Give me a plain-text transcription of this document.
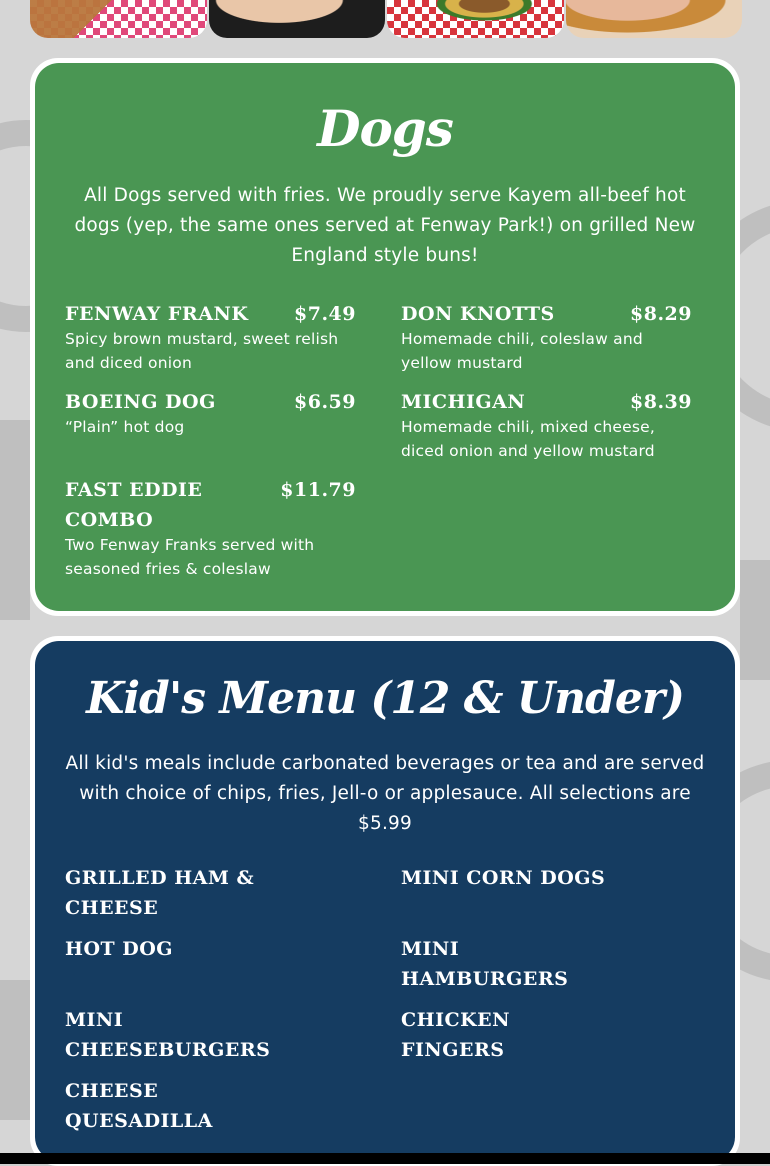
Dogs

All Dogs served with fries. We proudly serve Kayem all-beef hot dogs (yep, the same ones served at Fenway Park!) on grilled New England style buns!

FENWAY FRANK $7.49
Spicy brown mustard, sweet relish and diced onion
DON KNOTTS	$8.29
Homemade chili, coleslaw and yellow mustard
BOEING DOG	$6.59
“Plain” hot dog
MICHIGAN	$8.39
Homemade chili, mixed cheese, diced onion and yellow mustard
FAST EDDIE COMBO
$11.79
Two Fenway Franks served with seasoned fries & coleslaw
Kid's Menu (12 & Under)

All kid's meals include carbonated beverages or tea and are served with choice of chips, fries, Jell-o or applesauce. All selections are $5.99

GRILLED HAM & CHEESE
MINI CORN DOGS
HOT DOG	MINI HAMBURGERS
MINI CHEESEBURGERS
CHICKEN FINGERS
CHEESE QUESADILLA
